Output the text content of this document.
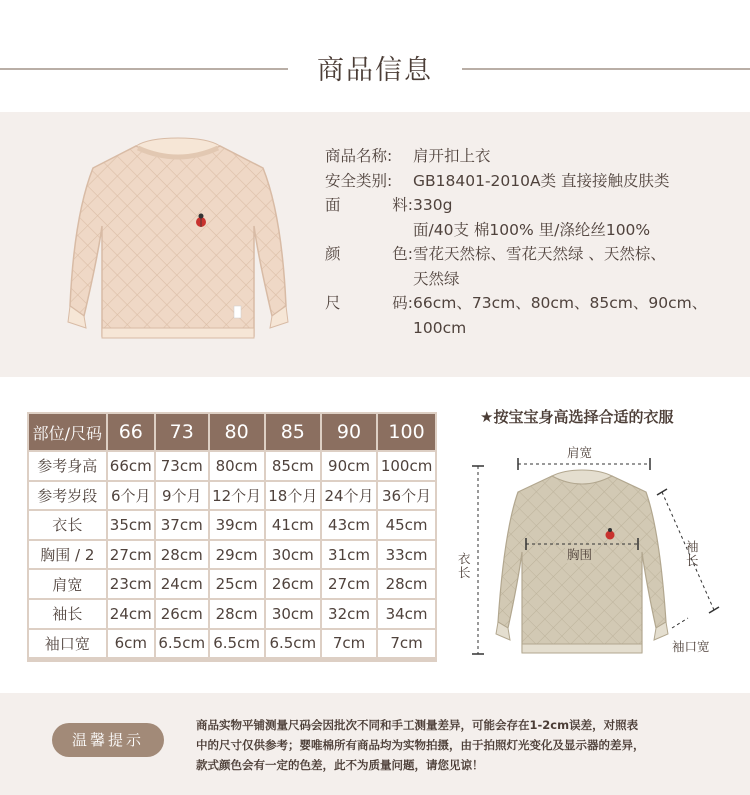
商品信息
商品名称: 肩开扣上衣
安全类别: GB18401-2010A类 直接接触皮肤类
面	料: 330g
面/40支 棉100% 里/涤纶丝100%
颜	色: 雪花天然棕、雪花天然绿 、天然棕、
天然绿
尺	码: 66cm、73cm、80cm、85cm、90cm、
100cm
部位/尺码	66	73	80	85	90	100

参考身高	66cm	73cm	80cm	85cm	90cm	100cm

参考岁段	6个月	9个月	12个月	18个月	24个月	36个月

衣长	35cm	37cm	39cm	41cm	43cm	45cm

胸围 / 2	27cm	28cm	29cm	30cm	31cm	33cm

肩宽	23cm	24cm	25cm	26cm	27cm	28cm

袖长	24cm	26cm	28cm	30cm	32cm	34cm

袖口宽	6cm	6.5cm	6.5cm	6.5cm	7cm	7cm
★按宝宝身高选择合适的衣服
肩宽
胸围
衣长
袖长
袖口宽
温馨提示
商品实物平铺测量尺码会因批次不同和手工测量差异，可能会存在1-2cm误差，对照表
中的尺寸仅供参考；婴唯棉所有商品均为实物拍摄，由于拍照灯光变化及显示器的差异，
款式颜色会有一定的色差，此不为质量问题，请您见谅！
